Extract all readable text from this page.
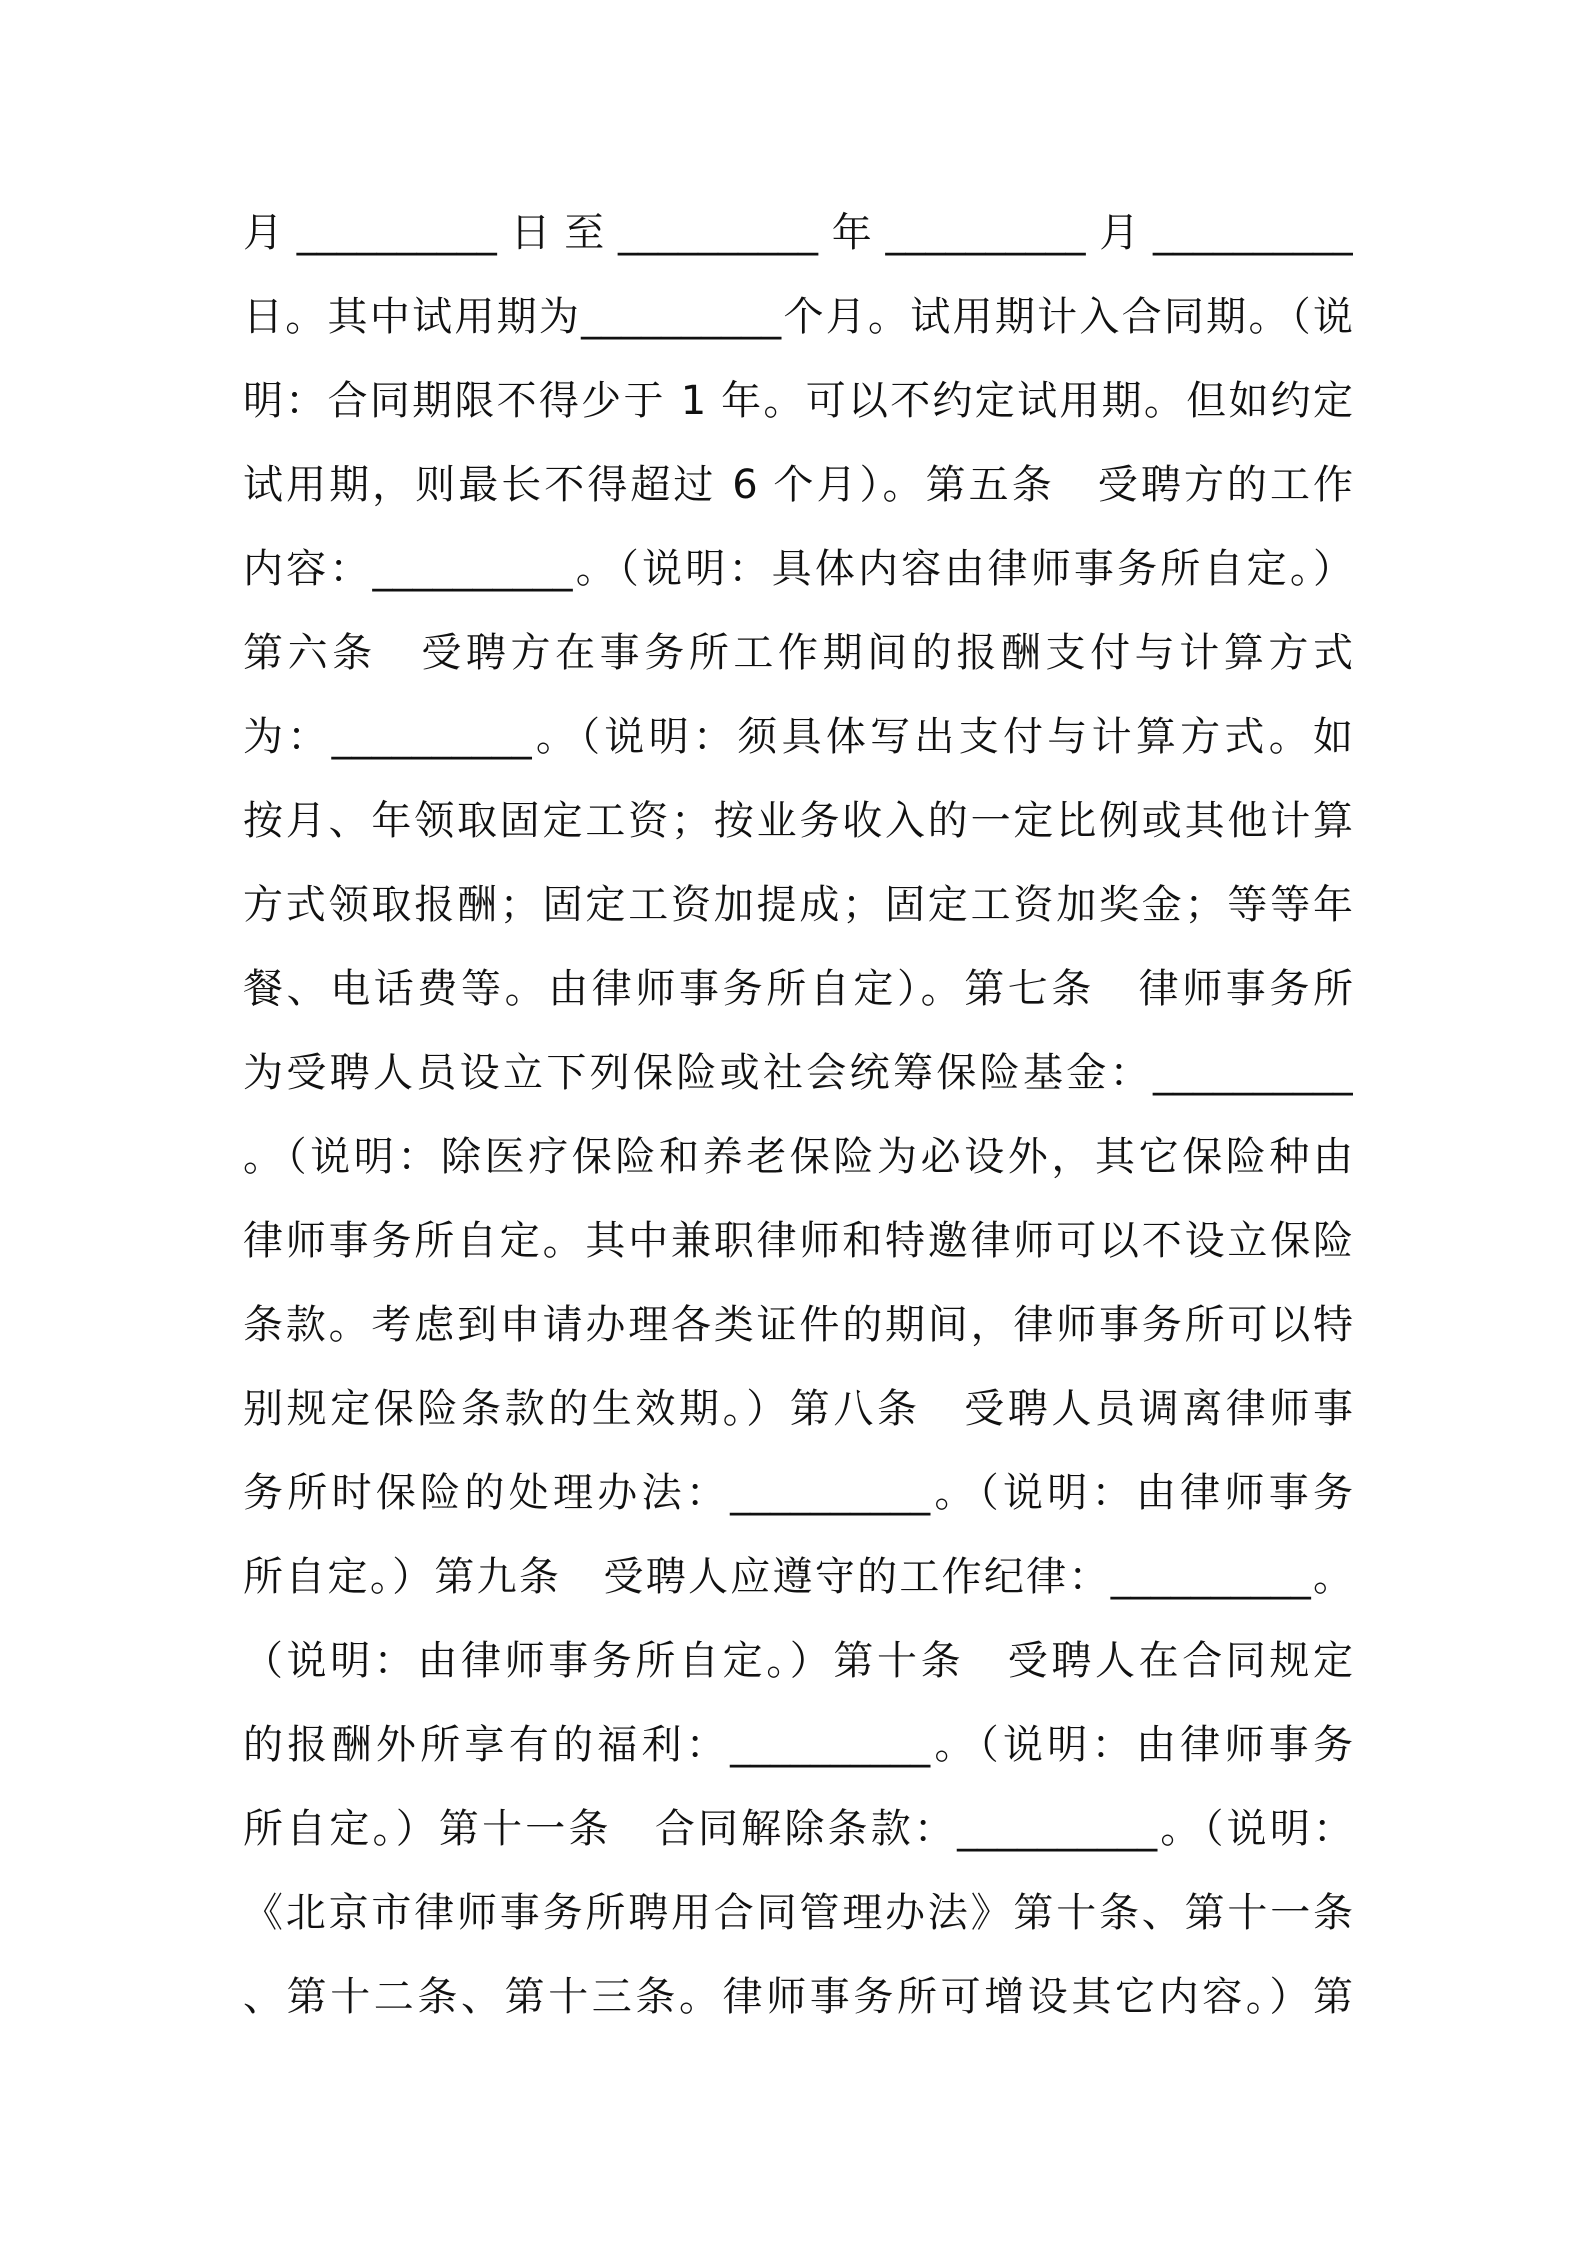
月__________日至__________年__________月__________

日。其中试用期为__________个月。试用期计入合同期。（说

明：合同期限不得少于 1 年。可以不约定试用期。但如约定

试用期，则最长不得超过 6 个月）。第五条　受聘方的工作

内容：__________。（说明：具体内容由律师事务所自定。）

第六条　受聘方在事务所工作期间的报酬支付与计算方式

为：__________。（说明：须具体写出支付与计算方式。如

按月、年领取固定工资；按业务收入的一定比例或其他计算

方式领取报酬；固定工资加提成；固定工资加奖金；等等年

餐、电话费等。由律师事务所自定）。第七条　律师事务所

为受聘人员设立下列保险或社会统筹保险基金：__________

。（说明：除医疗保险和养老保险为必设外，其它保险种由

律师事务所自定。其中兼职律师和特邀律师可以不设立保险

条款。考虑到申请办理各类证件的期间，律师事务所可以特

别规定保险条款的生效期。）第八条　受聘人员调离律师事

务所时保险的处理办法：__________。（说明：由律师事务

所自定。）第九条　受聘人应遵守的工作纪律：__________。

（说明：由律师事务所自定。）第十条　受聘人在合同规定

的报酬外所享有的福利：__________。（说明：由律师事务

所自定。）第十一条　合同解除条款：__________。（说明：

《北京市律师事务所聘用合同管理办法》第十条、第十一条

、第十二条、第十三条。律师事务所可增设其它内容。）第
